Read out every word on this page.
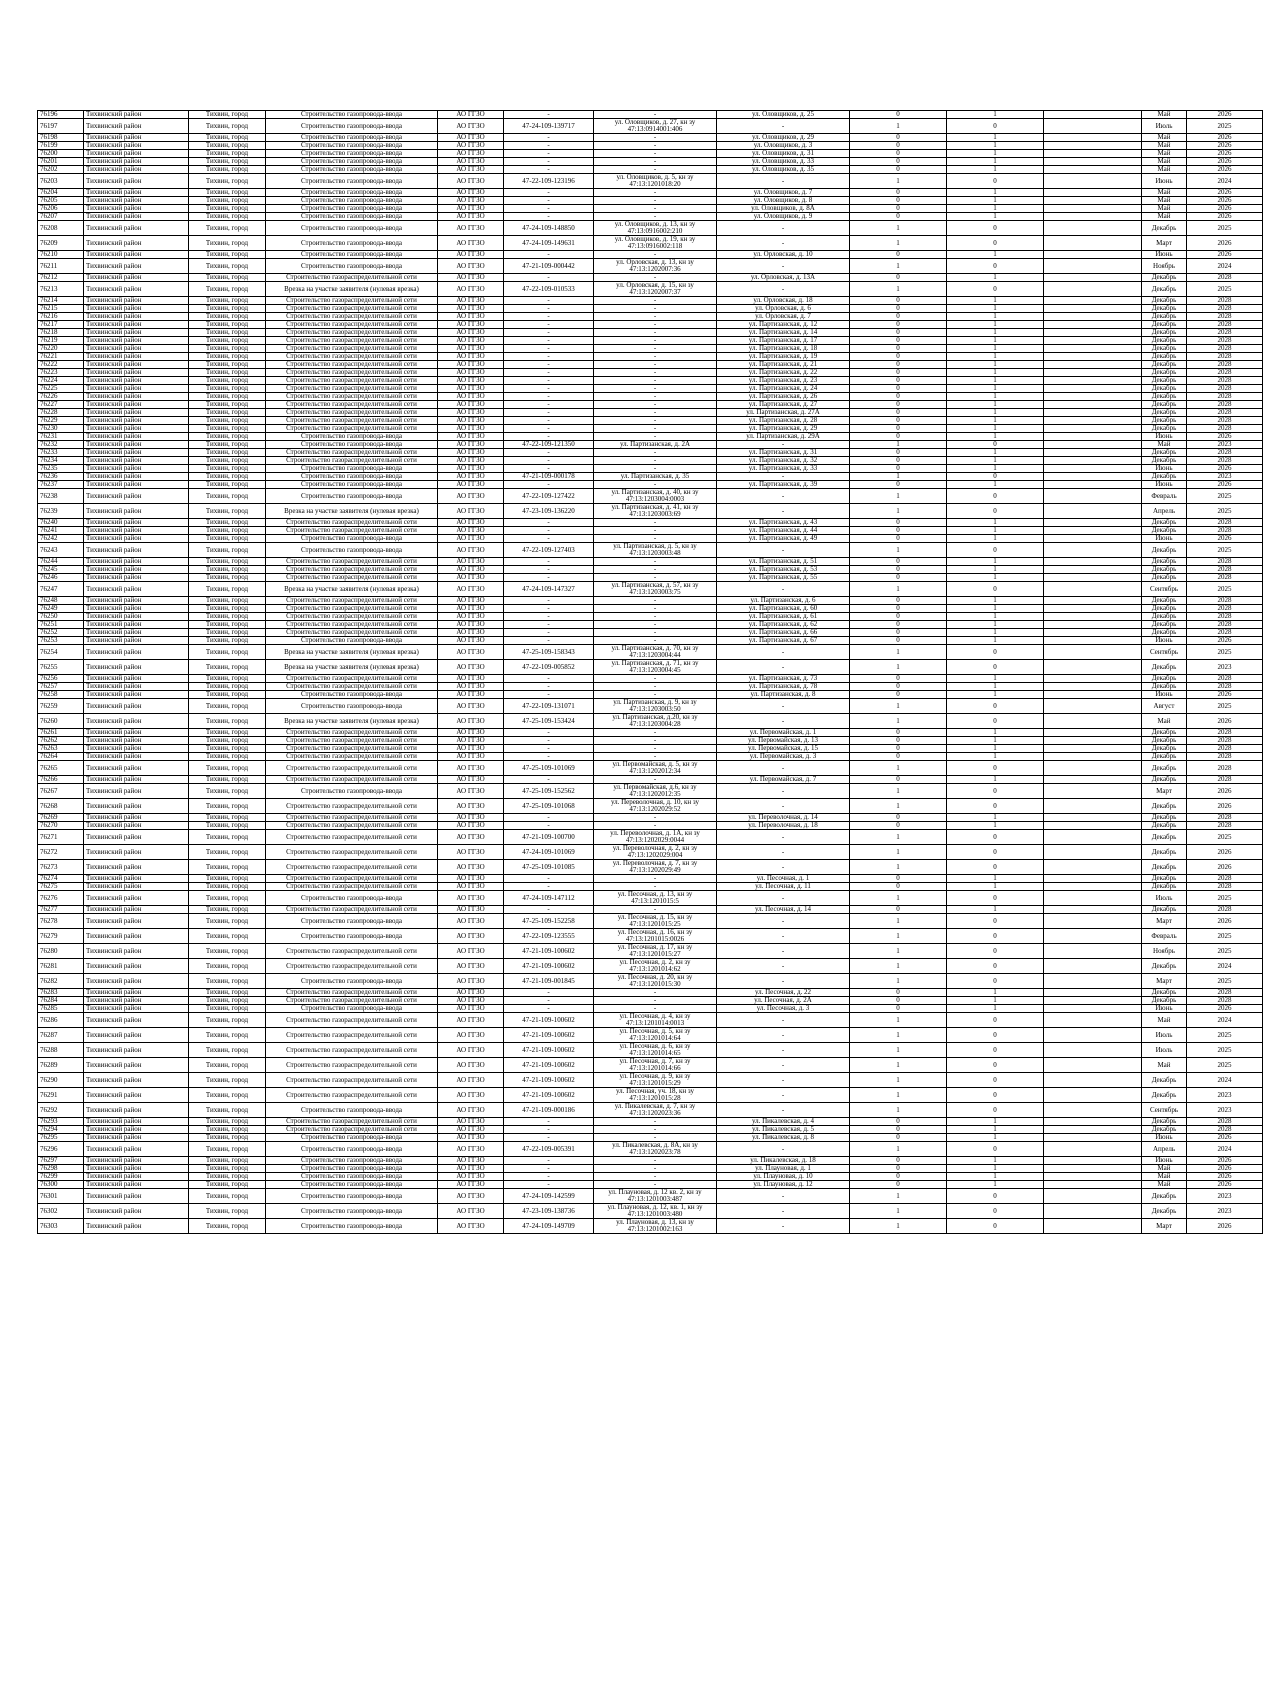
76196	Тихвинский район	Тихвин, город	Строительство газопровода-ввода	АО ГГЗО	-	-	ул. Оловщиков, д. 25	0	1		Май	2026
76197	Тихвинский район	Тихвин, город	Строительство газопровода-ввода	АО ГГЗО	47-24-109-139717	ул. Оловщиков, д. 27, кн зу 47:13:0914001:406	-	1	0		Июль	2025
76198	Тихвинский район	Тихвин, город	Строительство газопровода-ввода	АО ГГЗО	-	-	ул. Оловщиков, д. 29	0	1		Май	2026
76199	Тихвинский район	Тихвин, город	Строительство газопровода-ввода	АО ГГЗО	-	-	ул. Оловщиков, д. 3	0	1		Май	2026
76200	Тихвинский район	Тихвин, город	Строительство газопровода-ввода	АО ГГЗО	-	-	ул. Оловщиков, д. 31	0	1		Май	2026
76201	Тихвинский район	Тихвин, город	Строительство газопровода-ввода	АО ГГЗО	-	-	ул. Оловщиков, д. 33	0	1		Май	2026
76202	Тихвинский район	Тихвин, город	Строительство газопровода-ввода	АО ГГЗО	-	-	ул. Оловщиков, д. 35	0	1		Май	2026
76203	Тихвинский район	Тихвин, город	Строительство газопровода-ввода	АО ГГЗО	47-22-109-123196	ул. Оловщиков, д. 5, кн зу 47:13:1201018:20	-	1	0		Июнь	2024
76204	Тихвинский район	Тихвин, город	Строительство газопровода-ввода	АО ГГЗО	-	-	ул. Оловщиков, д. 7	0	1		Май	2026
76205	Тихвинский район	Тихвин, город	Строительство газопровода-ввода	АО ГГЗО	-	-	ул. Оловщиков, д. 8	0	1		Май	2026
76206	Тихвинский район	Тихвин, город	Строительство газопровода-ввода	АО ГГЗО	-	-	ул. Оловщиков, д. 8А	0	1		Май	2026
76207	Тихвинский район	Тихвин, город	Строительство газопровода-ввода	АО ГГЗО	-	-	ул. Оловщиков, д. 9	0	1		Май	2026
76208	Тихвинский район	Тихвин, город	Строительство газопровода-ввода	АО ГГЗО	47-24-109-148850	ул. Оловщиков, д. 13, кн зу 47:13:0916002:210	-	1	0		Декабрь	2025
76209	Тихвинский район	Тихвин, город	Строительство газопровода-ввода	АО ГГЗО	47-24-109-149631	ул. Оловщиков, д. 19, кн зу 47:13:0916002:118	-	1	0		Март	2026
76210	Тихвинский район	Тихвин, город	Строительство газопровода-ввода	АО ГГЗО	-	-	ул. Орловская, д. 10	0	1		Июнь	2026
76211	Тихвинский район	Тихвин, город	Строительство газопровода-ввода	АО ГГЗО	47-21-109-000442	ул. Орловская, д. 13, кн зу 47:13:1202007:36	-	1	0		Ноябрь	2024
76212	Тихвинский район	Тихвин, город	Строительство газораспределительной сети	АО ГГЗО	-	-	ул. Орловская, д. 13А	0	1		Декабрь	2028
76213	Тихвинский район	Тихвин, город	Врезка на участке заявителя (нулевая врезка)	АО ГГЗО	47-22-109-010533	ул. Орловская, д. 15, кн зу 47:13:1202007:37	-	1	0		Декабрь	2025
76214	Тихвинский район	Тихвин, город	Строительство газораспределительной сети	АО ГГЗО	-	-	ул. Орловская, д. 18	0	1		Декабрь	2028
76215	Тихвинский район	Тихвин, город	Строительство газораспределительной сети	АО ГГЗО	-	-	ул. Орловская, д. 6	0	1		Декабрь	2028
76216	Тихвинский район	Тихвин, город	Строительство газораспределительной сети	АО ГГЗО	-	-	ул. Орловская, д. 7	0	1		Декабрь	2028
76217	Тихвинский район	Тихвин, город	Строительство газораспределительной сети	АО ГГЗО	-	-	ул. Партизанская, д. 12	0	1		Декабрь	2028
76218	Тихвинский район	Тихвин, город	Строительство газораспределительной сети	АО ГГЗО	-	-	ул. Партизанская, д. 14	0	1		Декабрь	2028
76219	Тихвинский район	Тихвин, город	Строительство газораспределительной сети	АО ГГЗО	-	-	ул. Партизанская, д. 17	0	1		Декабрь	2028
76220	Тихвинский район	Тихвин, город	Строительство газораспределительной сети	АО ГГЗО	-	-	ул. Партизанская, д. 18	0	1		Декабрь	2028
76221	Тихвинский район	Тихвин, город	Строительство газораспределительной сети	АО ГГЗО	-	-	ул. Партизанская, д. 19	0	1		Декабрь	2028
76222	Тихвинский район	Тихвин, город	Строительство газораспределительной сети	АО ГГЗО	-	-	ул. Партизанская, д. 21	0	1		Декабрь	2028
76223	Тихвинский район	Тихвин, город	Строительство газораспределительной сети	АО ГГЗО	-	-	ул. Партизанская, д. 22	0	1		Декабрь	2028
76224	Тихвинский район	Тихвин, город	Строительство газораспределительной сети	АО ГГЗО	-	-	ул. Партизанская, д. 23	0	1		Декабрь	2028
76225	Тихвинский район	Тихвин, город	Строительство газораспределительной сети	АО ГГЗО	-	-	ул. Партизанская, д. 24	0	1		Декабрь	2028
76226	Тихвинский район	Тихвин, город	Строительство газораспределительной сети	АО ГГЗО	-	-	ул. Партизанская, д. 26	0	1		Декабрь	2028
76227	Тихвинский район	Тихвин, город	Строительство газораспределительной сети	АО ГГЗО	-	-	ул. Партизанская, д. 27	0	1		Декабрь	2028
76228	Тихвинский район	Тихвин, город	Строительство газораспределительной сети	АО ГГЗО	-	-	ул. Партизанская, д. 27А	0	1		Декабрь	2028
76229	Тихвинский район	Тихвин, город	Строительство газораспределительной сети	АО ГГЗО	-	-	ул. Партизанская, д. 28	0	1		Декабрь	2028
76230	Тихвинский район	Тихвин, город	Строительство газораспределительной сети	АО ГГЗО	-	-	ул. Партизанская, д. 29	0	1		Декабрь	2028
76231	Тихвинский район	Тихвин, город	Строительство газопровода-ввода	АО ГГЗО	-	-	ул. Партизанская, д. 29А	0	1		Июнь	2026
76232	Тихвинский район	Тихвин, город	Строительство газопровода-ввода	АО ГГЗО	47-22-109-121350	ул. Партизанская, д. 2А	-	1	0		Май	2023
76233	Тихвинский район	Тихвин, город	Строительство газораспределительной сети	АО ГГЗО	-	-	ул. Партизанская, д. 31	0	1		Декабрь	2028
76234	Тихвинский район	Тихвин, город	Строительство газораспределительной сети	АО ГГЗО	-	-	ул. Партизанская, д. 32	0	1		Декабрь	2028
76235	Тихвинский район	Тихвин, город	Строительство газопровода-ввода	АО ГГЗО	-	-	ул. Партизанская, д. 33	0	1		Июнь	2026
76236	Тихвинский район	Тихвин, город	Строительство газопровода-ввода	АО ГГЗО	47-21-109-000178	ул. Партизанская, д. 35	-	1	0		Декабрь	2023
76237	Тихвинский район	Тихвин, город	Строительство газопровода-ввода	АО ГГЗО	-	-	ул. Партизанская, д. 39	0	1		Июнь	2026
76238	Тихвинский район	Тихвин, город	Строительство газопровода-ввода	АО ГГЗО	47-22-109-127422	ул. Партизанская, д. 40, кн зу 47:13:1203004:0003	-	1	0		Февраль	2025
76239	Тихвинский район	Тихвин, город	Врезка на участке заявителя (нулевая врезка)	АО ГГЗО	47-23-109-136220	ул. Партизанская, д. 41, кн зу 47:13:1203003:69	-	1	0		Апрель	2025
76240	Тихвинский район	Тихвин, город	Строительство газораспределительной сети	АО ГГЗО	-	-	ул. Партизанская, д. 43	0	1		Декабрь	2028
76241	Тихвинский район	Тихвин, город	Строительство газораспределительной сети	АО ГГЗО	-	-	ул. Партизанская, д. 44	0	1		Декабрь	2028
76242	Тихвинский район	Тихвин, город	Строительство газопровода-ввода	АО ГГЗО	-	-	ул. Партизанская, д. 49	0	1		Июнь	2026
76243	Тихвинский район	Тихвин, город	Строительство газопровода-ввода	АО ГГЗО	47-22-109-127403	ул. Партизанская, д. 5, кн зу 47:13:1203003:48	-	1	0		Декабрь	2025
76244	Тихвинский район	Тихвин, город	Строительство газораспределительной сети	АО ГГЗО	-	-	ул. Партизанская, д. 51	0	1		Декабрь	2028
76245	Тихвинский район	Тихвин, город	Строительство газораспределительной сети	АО ГГЗО	-	-	ул. Партизанская, д. 53	0	1		Декабрь	2028
76246	Тихвинский район	Тихвин, город	Строительство газораспределительной сети	АО ГГЗО	-	-	ул. Партизанская, д. 55	0	1		Декабрь	2028
76247	Тихвинский район	Тихвин, город	Врезка на участке заявителя (нулевая врезка)	АО ГГЗО	47-24-109-147327	ул. Партизанская, д. 57, кн зу 47:13:1203003:75	-	1	0		Сентябрь	2025
76248	Тихвинский район	Тихвин, город	Строительство газораспределительной сети	АО ГГЗО	-	-	ул. Партизанская, д. 6	0	1		Декабрь	2028
76249	Тихвинский район	Тихвин, город	Строительство газораспределительной сети	АО ГГЗО	-	-	ул. Партизанская, д. 60	0	1		Декабрь	2028
76250	Тихвинский район	Тихвин, город	Строительство газораспределительной сети	АО ГГЗО	-	-	ул. Партизанская, д. 61	0	1		Декабрь	2028
76251	Тихвинский район	Тихвин, город	Строительство газораспределительной сети	АО ГГЗО	-	-	ул. Партизанская, д. 62	0	1		Декабрь	2028
76252	Тихвинский район	Тихвин, город	Строительство газораспределительной сети	АО ГГЗО	-	-	ул. Партизанская, д. 66	0	1		Декабрь	2028
76253	Тихвинский район	Тихвин, город	Строительство газопровода-ввода	АО ГГЗО	-	-	ул. Партизанская, д. 67	0	1		Июнь	2026
76254	Тихвинский район	Тихвин, город	Врезка на участке заявителя (нулевая врезка)	АО ГГЗО	47-25-109-158343	ул. Партизанская, д. 70, кн зу 47:13:1203004:44	-	1	0		Сентябрь	2025
76255	Тихвинский район	Тихвин, город	Врезка на участке заявителя (нулевая врезка)	АО ГГЗО	47-22-109-005852	ул. Партизанская, д. 71, кн зу 47:13:1203004:45	-	1	0		Декабрь	2023
76256	Тихвинский район	Тихвин, город	Строительство газораспределительной сети	АО ГГЗО	-	-	ул. Партизанская, д. 73	0	1		Декабрь	2028
76257	Тихвинский район	Тихвин, город	Строительство газораспределительной сети	АО ГГЗО	-	-	ул. Партизанская, д. 78	0	1		Декабрь	2028
76258	Тихвинский район	Тихвин, город	Строительство газопровода-ввода	АО ГГЗО	-	-	ул. Партизанская, д. 8	0	1		Июнь	2026
76259	Тихвинский район	Тихвин, город	Строительство газопровода-ввода	АО ГГЗО	47-22-109-131071	ул. Партизанская, д. 9, кн зу 47:13:1203003:50	-	1	0		Август	2025
76260	Тихвинский район	Тихвин, город	Врезка на участке заявителя (нулевая врезка)	АО ГГЗО	47-25-109-153424	ул. Партизанская, д.20, кн зу 47:13:1203004:28	-	1	0		Май	2026
76261	Тихвинский район	Тихвин, город	Строительство газораспределительной сети	АО ГГЗО	-	-	ул. Первомайская, д. 1	0	1		Декабрь	2028
76262	Тихвинский район	Тихвин, город	Строительство газораспределительной сети	АО ГГЗО	-	-	ул. Первомайская, д. 13	0	1		Декабрь	2028
76263	Тихвинский район	Тихвин, город	Строительство газораспределительной сети	АО ГГЗО	-	-	ул. Первомайская, д. 15	0	1		Декабрь	2028
76264	Тихвинский район	Тихвин, город	Строительство газораспределительной сети	АО ГГЗО	-	-	ул. Первомайская, д. 3	0	1		Декабрь	2028
76265	Тихвинский район	Тихвин, город	Строительство газораспределительной сети	АО ГГЗО	47-25-109-101069	ул. Первомайская, д. 5, кн зу 47:13:1202012:34	-	1	0		Декабрь	2028
76266	Тихвинский район	Тихвин, город	Строительство газораспределительной сети	АО ГГЗО	-	-	ул. Первомайская, д. 7	0	1		Декабрь	2028
76267	Тихвинский район	Тихвин, город	Строительство газопровода-ввода	АО ГГЗО	47-25-109-152562	ул. Первомайская, д.6, кн зу 47:13:1202012:35	-	1	0		Март	2026
76268	Тихвинский район	Тихвин, город	Строительство газораспределительной сети	АО ГГЗО	47-25-109-101068	ул. Переволочная, д. 10, кн зу 47:13:1202029:52	-	1	0		Декабрь	2026
76269	Тихвинский район	Тихвин, город	Строительство газораспределительной сети	АО ГГЗО	-	-	ул. Переволочная, д. 14	0	1		Декабрь	2028
76270	Тихвинский район	Тихвин, город	Строительство газораспределительной сети	АО ГГЗО	-	-	ул. Переволочная, д. 18	0	1		Декабрь	2028
76271	Тихвинский район	Тихвин, город	Строительство газораспределительной сети	АО ГГЗО	47-21-109-100700	ул. Переволочная, д. 1А, кн зу 47:13:1202029:0044	-	1	0		Декабрь	2025
76272	Тихвинский район	Тихвин, город	Строительство газораспределительной сети	АО ГГЗО	47-24-109-101069	ул. Переволочная, д. 2, кн зу 47:13:1202029:004	-	1	0		Декабрь	2026
76273	Тихвинский район	Тихвин, город	Строительство газораспределительной сети	АО ГГЗО	47-25-109-101085	ул. Переволочная, д. 7, кн зу 47:13:1202029:49	-	1	0		Декабрь	2026
76274	Тихвинский район	Тихвин, город	Строительство газораспределительной сети	АО ГГЗО	-	-	ул. Песочная, д. 1	0	1		Декабрь	2028
76275	Тихвинский район	Тихвин, город	Строительство газораспределительной сети	АО ГГЗО	-	-	ул. Песочная, д. 11	0	1		Декабрь	2028
76276	Тихвинский район	Тихвин, город	Строительство газопровода-ввода	АО ГГЗО	47-24-109-147112	ул. Песочная, д. 13, кн зу 47:13:1201015:5	-	1	0		Июль	2025
76277	Тихвинский район	Тихвин, город	Строительство газораспределительной сети	АО ГГЗО	-	-	ул. Песочная, д. 14	0	1		Декабрь	2028
76278	Тихвинский район	Тихвин, город	Строительство газопровода-ввода	АО ГГЗО	47-25-109-152258	ул. Песочная, д. 15, кн зу 47:13:1201015:25	-	1	0		Март	2026
76279	Тихвинский район	Тихвин, город	Строительство газопровода-ввода	АО ГГЗО	47-22-109-123555	ул. Песочная, д. 16, кн зу 47:13:1201015:0026	-	1	0		Февраль	2025
76280	Тихвинский район	Тихвин, город	Строительство газораспределительной сети	АО ГГЗО	47-21-109-100602	ул. Песочная, д. 17, кн зу 47:13:1201015:27	-	1	0		Ноябрь	2025
76281	Тихвинский район	Тихвин, город	Строительство газораспределительной сети	АО ГГЗО	47-21-109-100602	ул. Песочная, д. 2, кн зу 47:13:1201014:62	-	1	0		Декабрь	2024
76282	Тихвинский район	Тихвин, город	Строительство газопровода-ввода	АО ГГЗО	47-21-109-001845	ул. Песочная, д. 20, кн зу 47:13:1201015:30	-	1	0		Март	2025
76283	Тихвинский район	Тихвин, город	Строительство газораспределительной сети	АО ГГЗО	-	-	ул. Песочная, д. 22	0	1		Декабрь	2028
76284	Тихвинский район	Тихвин, город	Строительство газораспределительной сети	АО ГГЗО	-	-	ул. Песочная, д. 2А	0	1		Декабрь	2028
76285	Тихвинский район	Тихвин, город	Строительство газопровода-ввода	АО ГГЗО	-	-	ул. Песочная, д. 3	0	1		Июнь	2026
76286	Тихвинский район	Тихвин, город	Строительство газораспределительной сети	АО ГГЗО	47-21-109-100602	ул. Песочная, д. 4, кн зу 47:13:1201014:0013	-	1	0		Май	2024
76287	Тихвинский район	Тихвин, город	Строительство газораспределительной сети	АО ГГЗО	47-21-109-100602	ул. Песочная, д. 5, кн зу 47:13:1201014:64	-	1	0		Июль	2025
76288	Тихвинский район	Тихвин, город	Строительство газораспределительной сети	АО ГГЗО	47-21-109-100602	ул. Песочная, д. 6, кн зу 47:13:1201014:65	-	1	0		Июль	2025
76289	Тихвинский район	Тихвин, город	Строительство газораспределительной сети	АО ГГЗО	47-21-109-100602	ул. Песочная, д. 7, кн зу 47:13:1201014:66	-	1	0		Май	2025
76290	Тихвинский район	Тихвин, город	Строительство газораспределительной сети	АО ГГЗО	47-21-109-100602	ул. Песочная, д. 9, кн зу 47:13:1201015:29	-	1	0		Декабрь	2024
76291	Тихвинский район	Тихвин, город	Строительство газораспределительной сети	АО ГГЗО	47-21-109-100602	ул. Песочная, уч. 18, кн зу 47:13:1201015:28	-	1	0		Декабрь	2023
76292	Тихвинский район	Тихвин, город	Строительство газопровода-ввода	АО ГГЗО	47-21-109-000186	ул. Пикалевская, д. 7, кн зу 47:13:1202023:36	-	1	0		Сентябрь	2023
76293	Тихвинский район	Тихвин, город	Строительство газораспределительной сети	АО ГГЗО	-	-	ул. Пикалевская, д. 4	0	1		Декабрь	2028
76294	Тихвинский район	Тихвин, город	Строительство газораспределительной сети	АО ГГЗО	-	-	ул. Пикалевская, д. 5	0	1		Декабрь	2028
76295	Тихвинский район	Тихвин, город	Строительство газопровода-ввода	АО ГГЗО	-	-	ул. Пикалевская, д. 8	0	1		Июнь	2026
76296	Тихвинский район	Тихвин, город	Строительство газопровода-ввода	АО ГГЗО	47-22-109-005391	ул. Пикалевская, д. 8А, кн зу 47:13:1202023:78	-	1	0		Апрель	2024
76297	Тихвинский район	Тихвин, город	Строительство газопровода-ввода	АО ГГЗО	-	-	ул. Пикалевская, д. 18	0	1		Июнь	2026
76298	Тихвинский район	Тихвин, город	Строительство газопровода-ввода	АО ГГЗО	-	-	ул. Плауновая, д. 1	0	1		Май	2026
76299	Тихвинский район	Тихвин, город	Строительство газопровода-ввода	АО ГГЗО	-	-	ул. Плауновая, д. 10	0	1		Май	2026
76300	Тихвинский район	Тихвин, город	Строительство газопровода-ввода	АО ГГЗО	-	-	ул. Плауновая, д. 12	0	1		Май	2026
76301	Тихвинский район	Тихвин, город	Строительство газопровода-ввода	АО ГГЗО	47-24-109-142599	ул. Плауновая, д. 12 кв. 2, кн зу 47:13:1201003:487	-	1	0		Декабрь	2023
76302	Тихвинский район	Тихвин, город	Строительство газопровода-ввода	АО ГГЗО	47-23-109-138736	ул. Плауновая, д. 12, кв. 1, кн зу 47:13:1201003:480	-	1	0		Декабрь	2023
76303	Тихвинский район	Тихвин, город	Строительство газопровода-ввода	АО ГГЗО	47-24-109-149709	ул. Плауновая, д. 13, кн зу 47:13:1201002:163	-	1	0		Март	2026
